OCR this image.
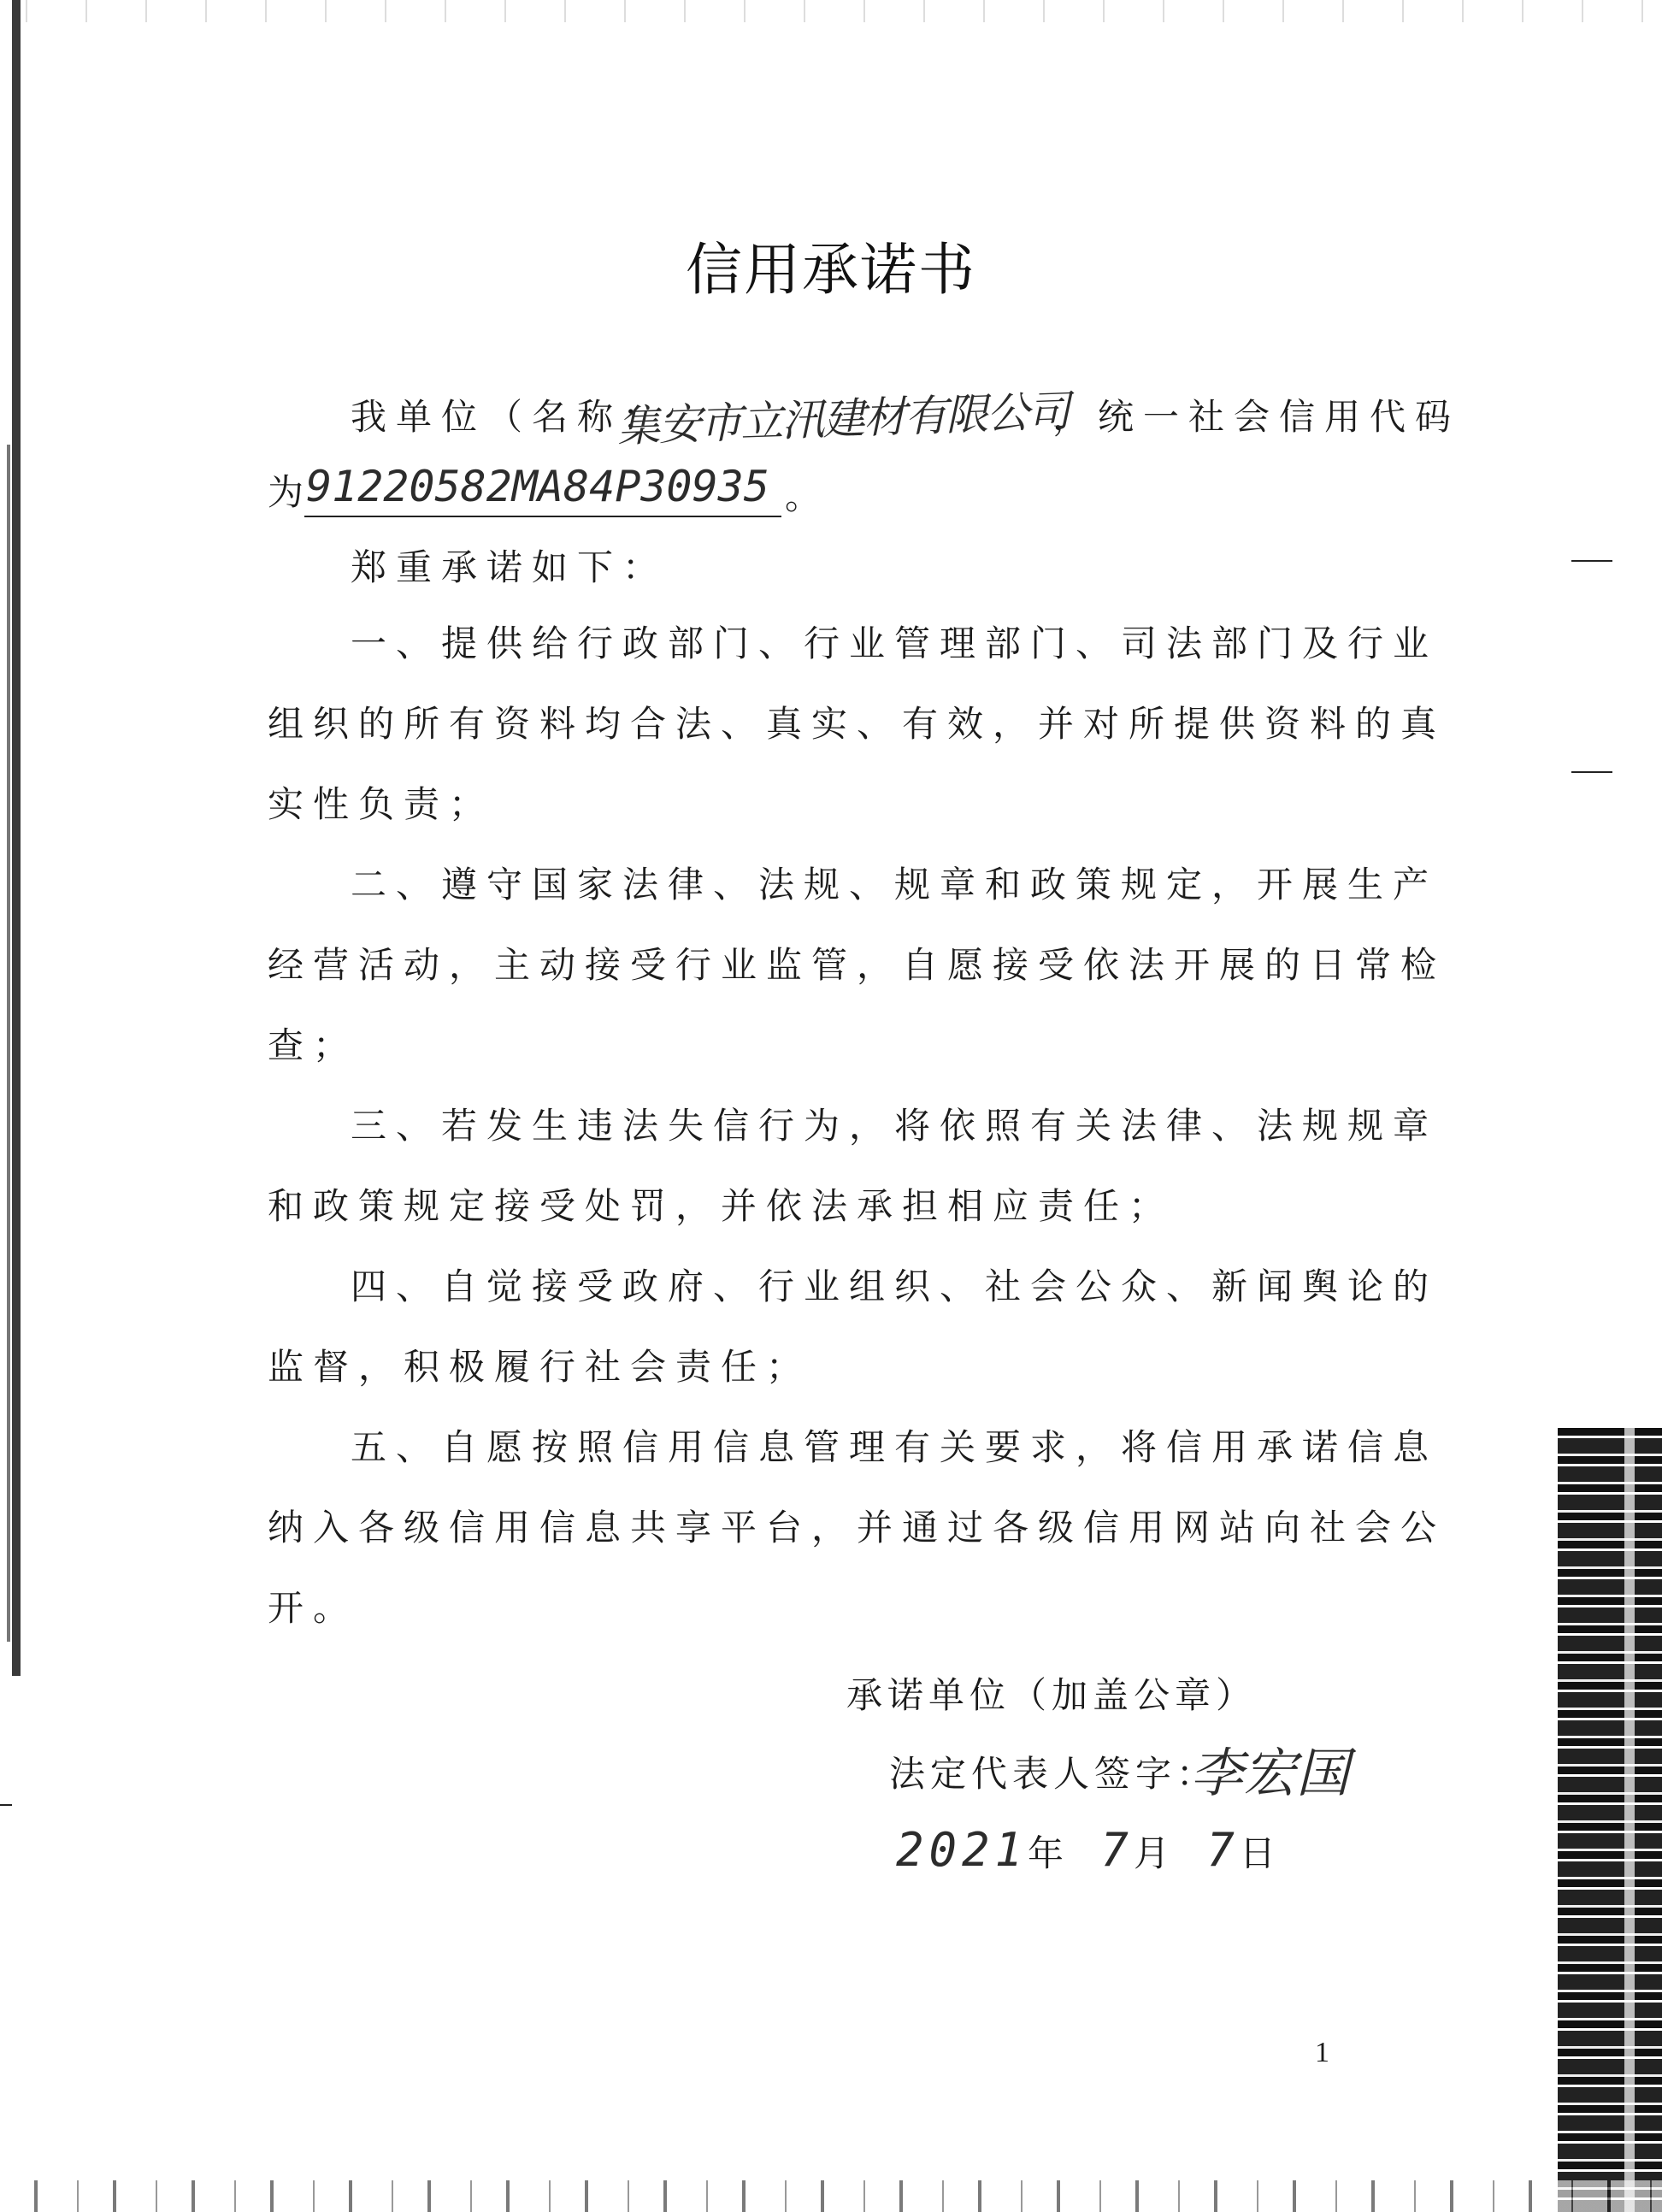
信用承诺书
我单位（名称：	，统一社会信用代码
集安市立汛建材有限公司
为
91220582MA84P30935 。
郑重承诺如下：
一、提供给行政部门、行业管理部门、司法部门及行业
组织的所有资料均合法、真实、有效，并对所提供资料的真
实性负责；
二、遵守国家法律、法规、规章和政策规定，开展生产
经营活动，主动接受行业监管，自愿接受依法开展的日常检
查；
三、若发生违法失信行为，将依照有关法律、法规规章
和政策规定接受处罚，并依法承担相应责任；
四、自觉接受政府、行业组织、社会公众、新闻舆论的
监督，积极履行社会责任；
五、自愿按照信用信息管理有关要求，将信用承诺信息
纳入各级信用信息共享平台，并通过各级信用网站向社会公
开。
承诺单位（加盖公章）
法定代表人签字：
李宏国
2021年 7月 7日
1
